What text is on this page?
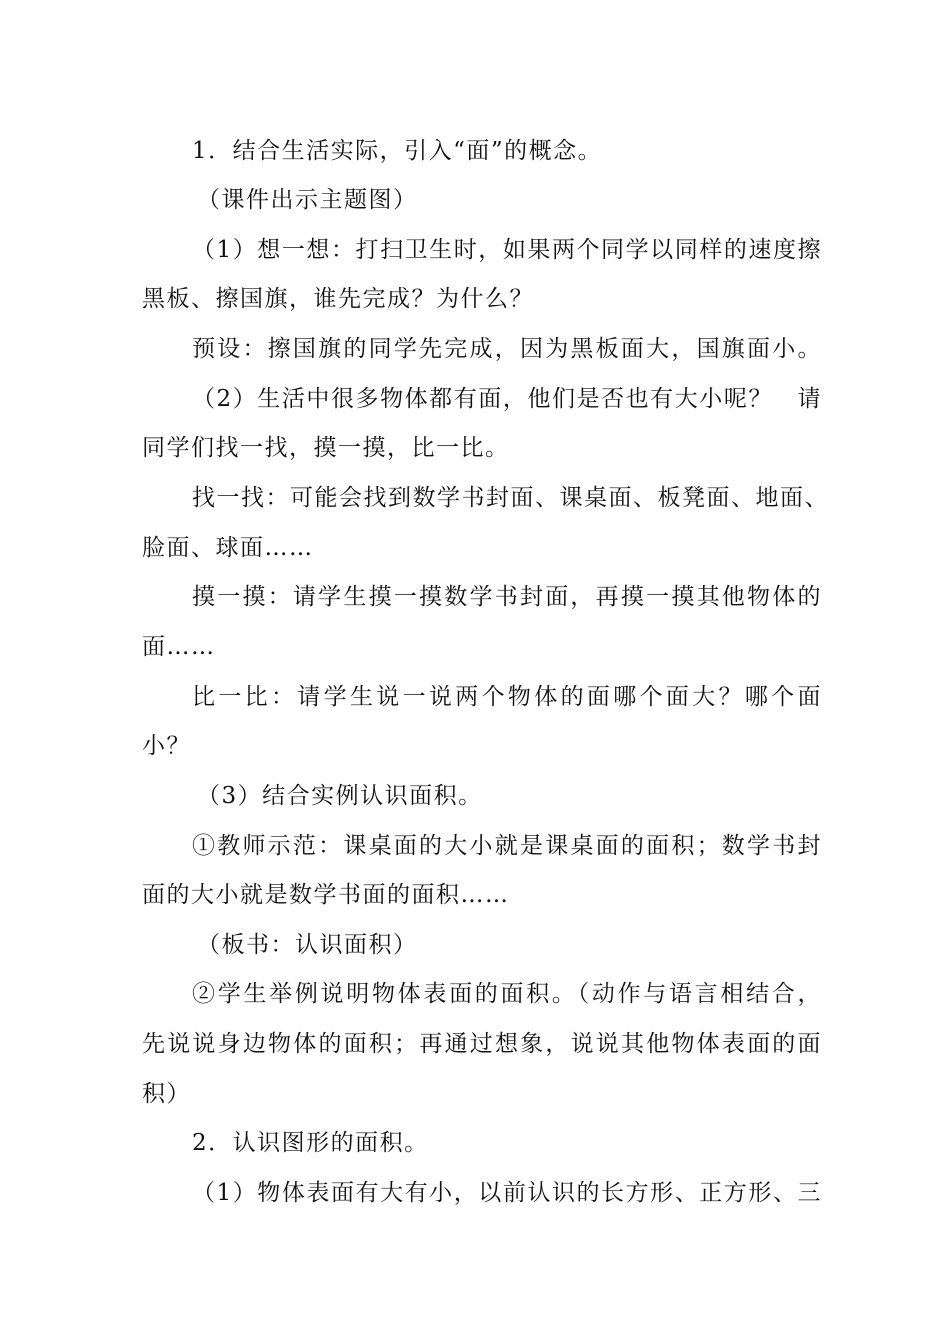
1．结合生活实际，引入“面”的概念。
（课件出示主题图）
（1）想一想：打扫卫生时，如果两个同学以同样的速度擦
黑板、擦国旗，谁先完成？为什么？
预设：擦国旗的同学先完成，因为黑板面大，国旗面小。
（2）生活中很多物体都有面，他们是否也有大小呢？　请
同学们找一找，摸一摸，比一比。
找一找：可能会找到数学书封面、课桌面、板凳面、地面、
脸面、球面……
摸一摸：请学生摸一摸数学书封面，再摸一摸其他物体的
面……
比一比：请学生说一说两个物体的面哪个面大？哪个面
小？
（3）结合实例认识面积。
①教师示范：课桌面的大小就是课桌面的面积；数学书封
面的大小就是数学书面的面积……
（板书：认识面积）
②学生举例说明物体表面的面积。（动作与语言相结合，
先说说身边物体的面积；再通过想象，说说其他物体表面的面
积）
2．认识图形的面积。
（1）物体表面有大有小，以前认识的长方形、正方形、三
